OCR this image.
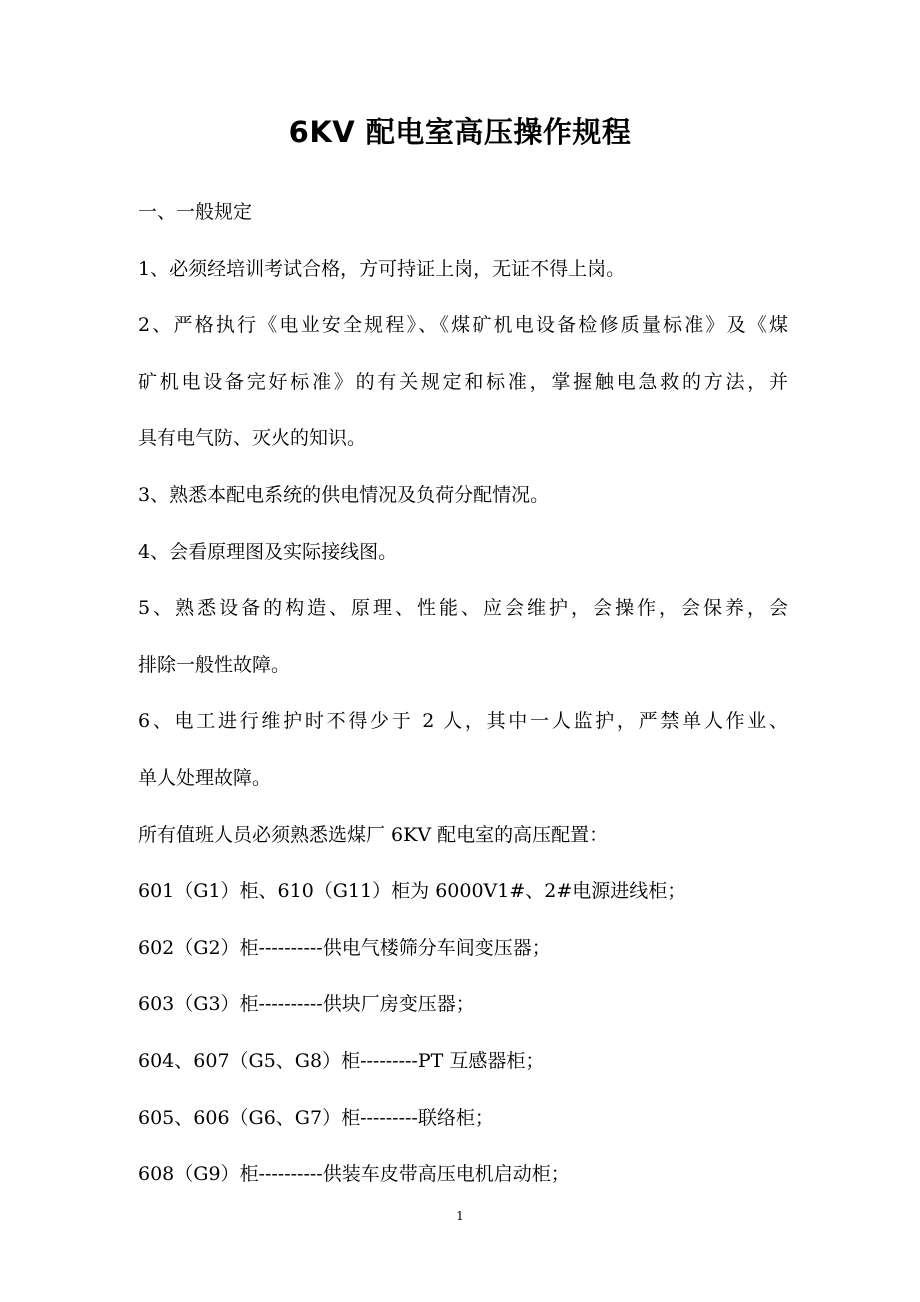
6KV 配电室高压操作规程
一、一般规定
1、必须经培训考试合格，方可持证上岗，无证不得上岗。
2、严格执行《电业安全规程》、《煤矿机电设备检修质量标准》及《煤
矿机电设备完好标准》的有关规定和标准，掌握触电急救的方法，并
具有电气防、灭火的知识。
3、熟悉本配电系统的供电情况及负荷分配情况。
4、会看原理图及实际接线图。
5、熟悉设备的构造、原理、性能、应会维护，会操作，会保养，会
排除一般性故障。
6、电工进行维护时不得少于 2 人，其中一人监护，严禁单人作业、
单人处理故障。
所有值班人员必须熟悉选煤厂 6KV 配电室的高压配置：
601（G1）柜、610（G11）柜为 6000V1#、2#电源进线柜；
602（G2）柜----------供电气楼筛分车间变压器；
603（G3）柜----------供块厂房变压器；
604、607（G5、G8）柜---------PT 互感器柜；
605、606（G6、G7）柜---------联络柜；
608（G9）柜----------供装车皮带高压电机启动柜；
1
